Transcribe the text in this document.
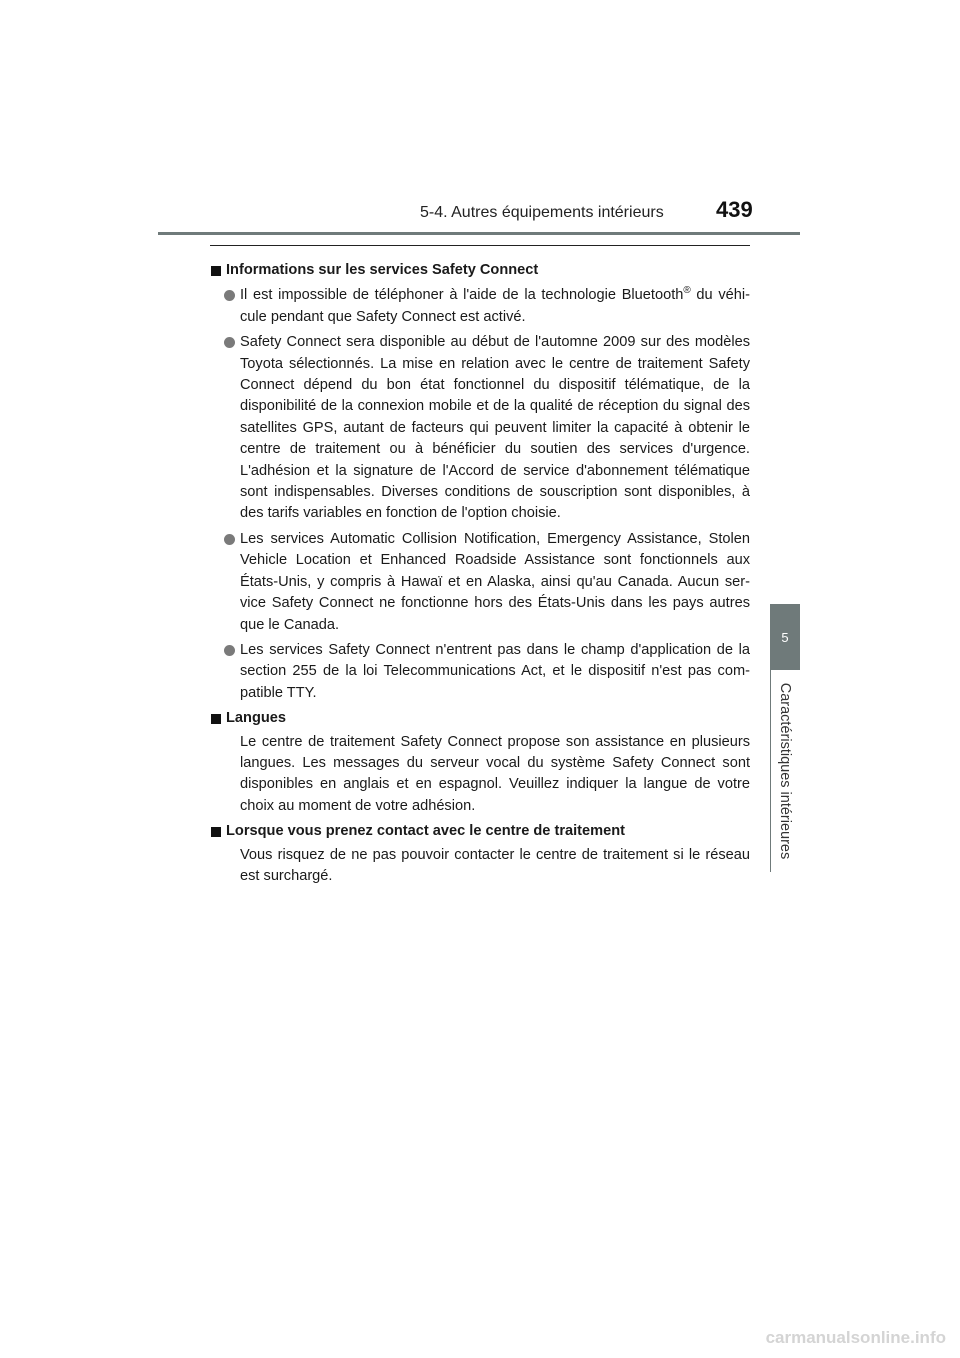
5-4. Autres équipements intérieurs 439
5
Caractéristiques intérieures
Informations sur les services Safety Connect
Il est impossible de téléphoner à l'aide de la technologie Bluetooth® du véhicule pendant que Safety Connect est activé.
Safety Connect sera disponible au début de l'automne 2009 sur des modèles Toyota sélectionnés. La mise en relation avec le centre de traitement Safety Connect dépend du bon état fonctionnel du dispositif télématique, de la disponibilité de la connexion mobile et de la qualité de réception du signal des satellites GPS, autant de facteurs qui peuvent limiter la capacité à obtenir le centre de traitement ou à bénéficier du soutien des services d'urgence. L'adhésion et la signature de l'Accord de service d'abonnement télématique sont indispensables. Diverses conditions de souscription sont disponibles, à des tarifs variables en fonction de l'option choisie.
Les services Automatic Collision Notification, Emergency Assistance, Stolen Vehicle Location et Enhanced Roadside Assistance sont fonctionnels aux États-Unis, y compris à Hawaï et en Alaska, ainsi qu'au Canada. Aucun service Safety Connect ne fonctionne hors des États-Unis dans les pays autres que le Canada.
Les services Safety Connect n'entrent pas dans le champ d'application de la section 255 de la loi Telecommunications Act, et le dispositif n'est pas compatible TTY.
Langues
Le centre de traitement Safety Connect propose son assistance en plusieurs langues. Les messages du serveur vocal du système Safety Connect sont disponibles en anglais et en espagnol. Veuillez indiquer la langue de votre choix au moment de votre adhésion.
Lorsque vous prenez contact avec le centre de traitement
Vous risquez de ne pas pouvoir contacter le centre de traitement si le réseau est surchargé.
carmanualsonline.info
